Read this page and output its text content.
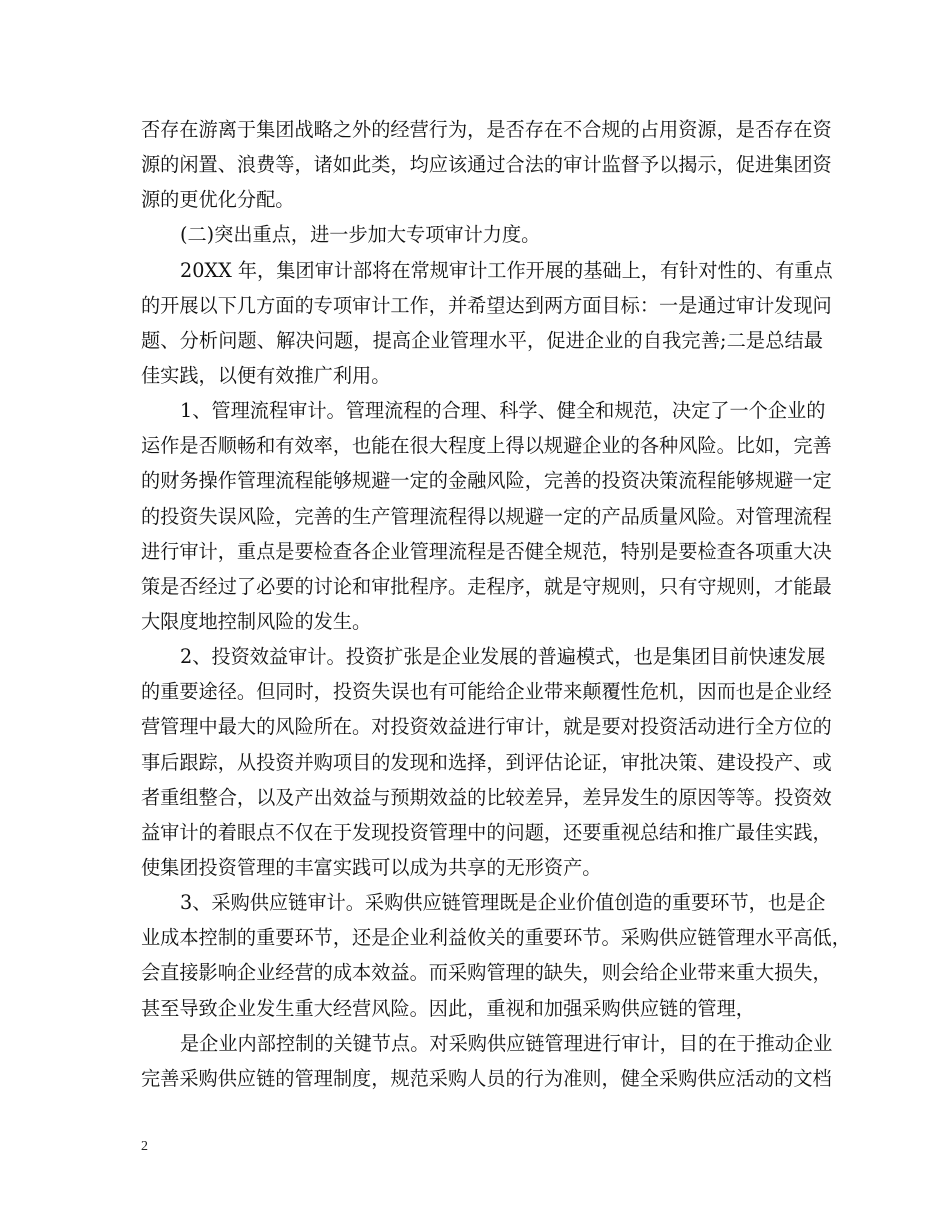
否存在游离于集团战略之外的经营行为，是否存在不合规的占用资源，是否存在资
源的闲置、浪费等，诸如此类，均应该通过合法的审计监督予以揭示，促进集团资
源的更优化分配。
(二)突出重点，进一步加大专项审计力度。
20XX 年，集团审计部将在常规审计工作开展的基础上，有针对性的、有重点
的开展以下几方面的专项审计工作，并希望达到两方面目标：一是通过审计发现问
题、分析问题、解决问题，提高企业管理水平，促进企业的自我完善;二是总结最
佳实践，以便有效推广利用。
1、管理流程审计。管理流程的合理、科学、健全和规范，决定了一个企业的
运作是否顺畅和有效率，也能在很大程度上得以规避企业的各种风险。比如，完善
的财务操作管理流程能够规避一定的金融风险，完善的投资决策流程能够规避一定
的投资失误风险，完善的生产管理流程得以规避一定的产品质量风险。对管理流程
进行审计，重点是要检查各企业管理流程是否健全规范，特别是要检查各项重大决
策是否经过了必要的讨论和审批程序。走程序，就是守规则，只有守规则，才能最
大限度地控制风险的发生。
2、投资效益审计。投资扩张是企业发展的普遍模式，也是集团目前快速发展
的重要途径。但同时，投资失误也有可能给企业带来颠覆性危机，因而也是企业经
营管理中最大的风险所在。对投资效益进行审计，就是要对投资活动进行全方位的
事后跟踪，从投资并购项目的发现和选择，到评估论证，审批决策、建设投产、或
者重组整合，以及产出效益与预期效益的比较差异，差异发生的原因等等。投资效
益审计的着眼点不仅在于发现投资管理中的问题，还要重视总结和推广最佳实践，
使集团投资管理的丰富实践可以成为共享的无形资产。
3、采购供应链审计。采购供应链管理既是企业价值创造的重要环节，也是企
业成本控制的重要环节，还是企业利益攸关的重要环节。采购供应链管理水平高低，
会直接影响企业经营的成本效益。而采购管理的缺失，则会给企业带来重大损失，
甚至导致企业发生重大经营风险。因此，重视和加强采购供应链的管理，
是企业内部控制的关键节点。对采购供应链管理进行审计，目的在于推动企业
完善采购供应链的管理制度，规范采购人员的行为准则，健全采购供应活动的文档
2
